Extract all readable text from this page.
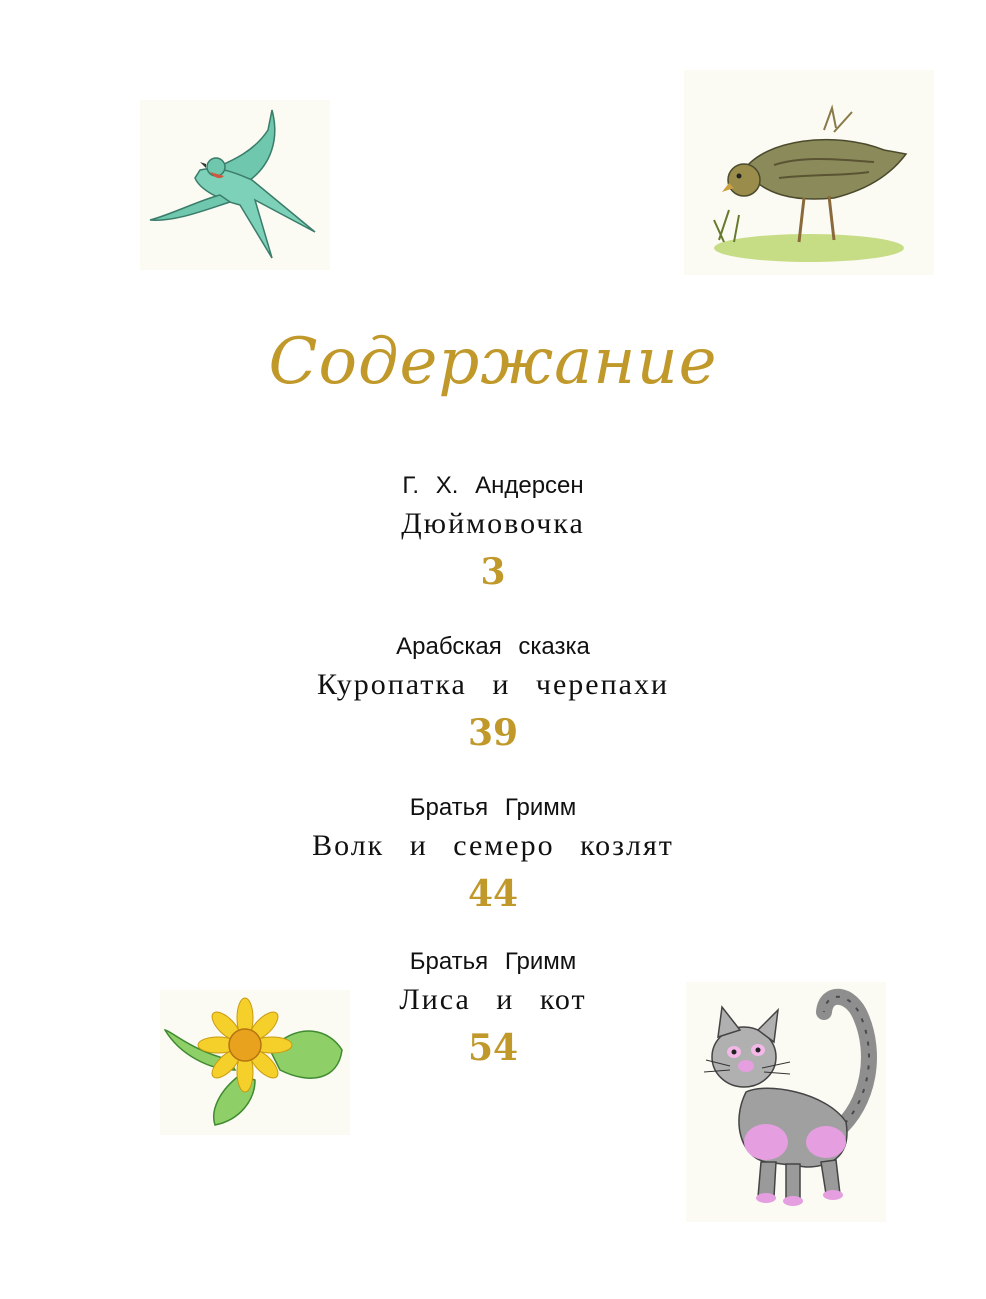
Содержание
Г. Х. Андерсен
Дюймовочка
3
Арабская сказка
Куропатка и черепахи
39
Братья Гримм
Волк и семеро козлят
44
Братья Гримм
Лиса и кот
54
